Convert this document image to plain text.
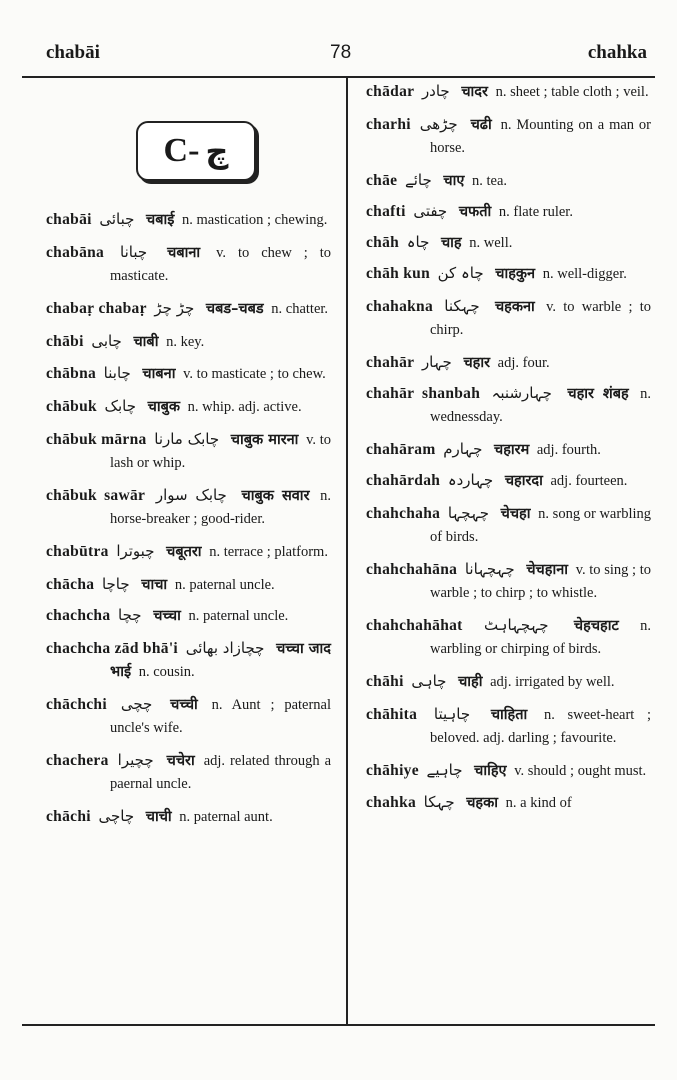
chabāi	78	chahka
C- چ
chabāi چبائی चबाई n. mastication ; chewing.
chabāna چبانا चबाना v. to chew ; to masticate.
chabaṛ chabaṛ چڑ چڑ चबड–चबड n. chatter.
chābi چابی चाबी n. key.
chābna چابنا चाबना v. to masticate ; to chew.
chābuk چابک चाबुक n. whip. adj. active.
chābuk mārna چابک مارنا चाबुक मारना v. to lash or whip.
chābuk sawār چابک سوار चाबुक सवार n. horse-breaker ; good-rider.
chabūtra چبوترا चबूतरा n. terrace ; platform.
chācha چاچا चाचा n. paternal uncle.
chachcha چچا चच्चा n. paternal uncle.
chachcha zād bhā'i چچازاد بھائی चच्चा जाद भाई n. cousin.
chāchchi چچی चच्ची n. Aunt ; paternal uncle's wife.
chachera چچیرا चचेरा adj. related through a paernal uncle.
chāchi چاچی चाची n. paternal aunt.
chādar چادر चादर n. sheet ; table cloth ; veil.
charhi چڑھی चढी n. Mounting on a man or horse.
chāe چائے चाए n. tea.
chafti چفتی चफती n. flate ruler.
chāh چاہ चाह n. well.
chāh kun چاہ کن चाहकुन n. well-digger.
chahakna چہکنا चहकना v. to warble ; to chirp.
chahār چہار चहार adj. four.
chahār shanbah چہارشنبہ चहार शंबह n. wednessday.
chahāram چہارم चहारम adj. fourth.
chahārdah چہاردہ चहारदा adj. fourteen.
chahchaha چہچہا चेचहा n. song or warbling of birds.
chahchahāna چہچہانا चेचहाना v. to sing ; to warble ; to chirp ; to whistle.
chahchahāhat چہچہاہٹ चेहचहाट n. warbling or chirping of birds.
chāhi چاہی चाही adj. irrigated by well.
chāhita چاہیتا चाहिता n. sweet-heart ; beloved. adj. darling ; favourite.
chāhiye چاہیے चाहिए v. should ; ought must.
chahka چہکا चहका n. a kind of
